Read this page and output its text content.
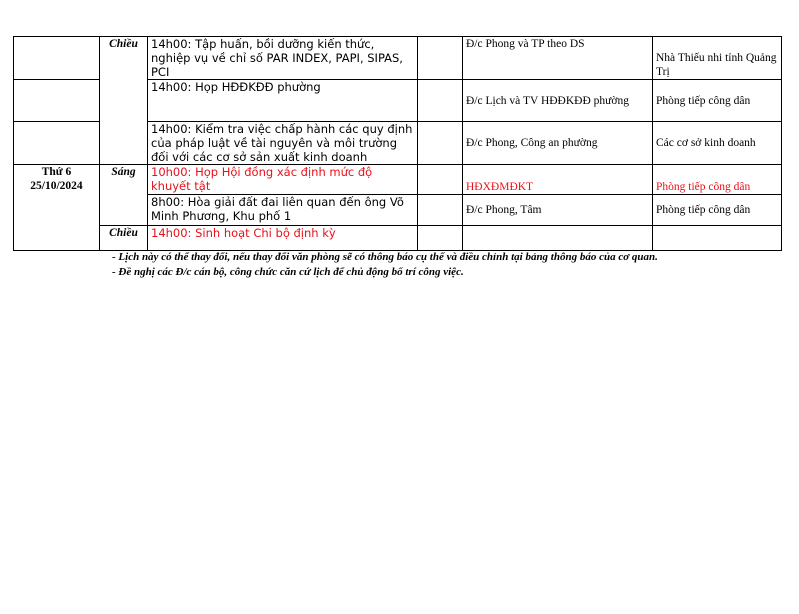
	Chiều	14h00: Tập huấn, bồi dưỡng kiến thức, nghiệp vụ về chỉ số PAR INDEX, PAPI, SIPAS, PCI		Đ/c Phong và TP theo DS	Nhà Thiếu nhi tỉnh Quảng Trị
		14h00: Họp HĐĐKĐĐ phường		Đ/c Lịch và TV HĐĐKĐĐ phường	Phòng tiếp công dân
		14h00: Kiểm tra việc chấp hành các quy định của pháp luật về tài nguyên và môi trường đối với các cơ sở sản xuất kinh doanh		Đ/c Phong, Công an phường	Các cơ sở kinh doanh

Thứ 6
25/10/2024	Sáng	10h00: Họp Hội đồng xác định mức độ khuyết tật		HĐXĐMĐKT	Phòng tiếp công dân
		8h00: Hòa giải đất đai liên quan đến ông Võ Minh Phương, Khu phố 1		Đ/c Phong, Tâm	Phòng tiếp công dân
	Chiều	14h00: Sinh hoạt Chi bộ định kỳ			
- Lịch này có thể thay đổi, nếu thay đổi văn phòng sẽ có thông báo cụ thể và điều chỉnh tại bảng thông báo của cơ quan.
- Đề nghị các Đ/c cán bộ, công chức căn cứ lịch để chủ động bố trí công việc.
